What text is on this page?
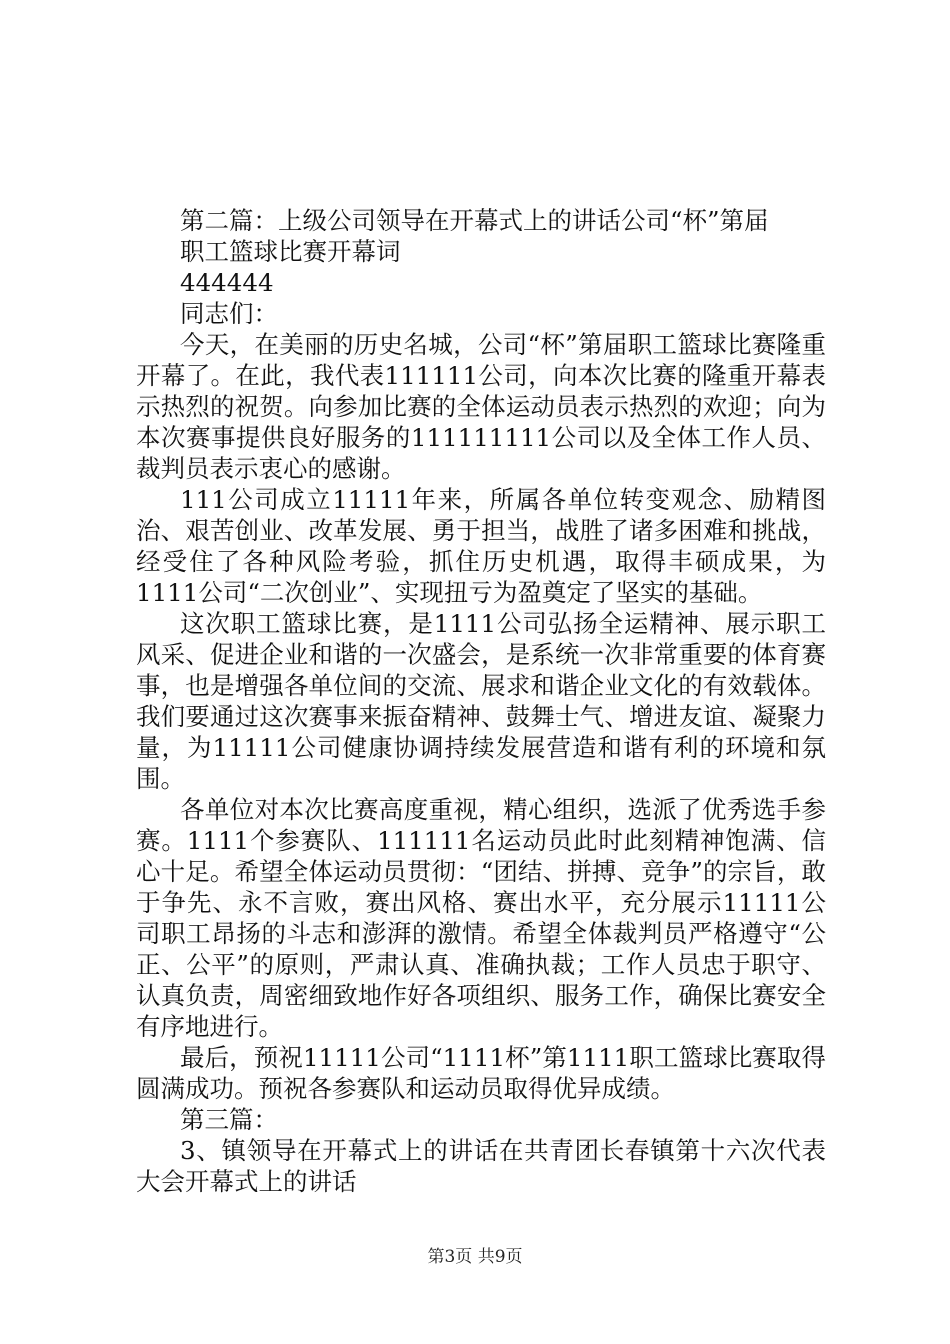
第二篇：上级公司领导在开幕式上的讲话公司“杯”第届
职工篮球比赛开幕词

444444

同志们：

今天，在美丽的历史名城，公司“杯”第届职工篮球比赛隆重开幕了。在此，我代表111111公司，向本次比赛的隆重开幕表示热烈的祝贺。向参加比赛的全体运动员表示热烈的欢迎；向为本次赛事提供良好服务的111111111公司以及全体工作人员、裁判员表示衷心的感谢。

111公司成立11111年来，所属各单位转变观念、励精图治、艰苦创业、改革发展、勇于担当，战胜了诸多困难和挑战，经受住了各种风险考验，抓住历史机遇，取得丰硕成果，为1111公司“二次创业”、实现扭亏为盈奠定了坚实的基础。

这次职工篮球比赛，是1111公司弘扬全运精神、展示职工风采、促进企业和谐的一次盛会，是系统一次非常重要的体育赛事，也是增强各单位间的交流、展求和谐企业文化的有效载体。我们要通过这次赛事来振奋精神、鼓舞士气、增进友谊、凝聚力量，为11111公司健康协调持续发展营造和谐有利的环境和氛围。

各单位对本次比赛高度重视，精心组织，选派了优秀选手参赛。1111个参赛队、111111名运动员此时此刻精神饱满、信心十足。希望全体运动员贯彻：“团结、拼搏、竞争”的宗旨，敢于争先、永不言败，赛出风格、赛出水平，充分展示11111公司职工昂扬的斗志和澎湃的激情。希望全体裁判员严格遵守“公正、公平”的原则，严肃认真、准确执裁；工作人员忠于职守、认真负责，周密细致地作好各项组织、服务工作，确保比赛安全有序地进行。

最后，预祝11111公司“1111杯”第1111职工篮球比赛取得圆满成功。预祝各参赛队和运动员取得优异成绩。

第三篇：

3、镇领导在开幕式上的讲话在共青团长春镇第十六次代表大会开幕式上的讲话

第3页 共9页
